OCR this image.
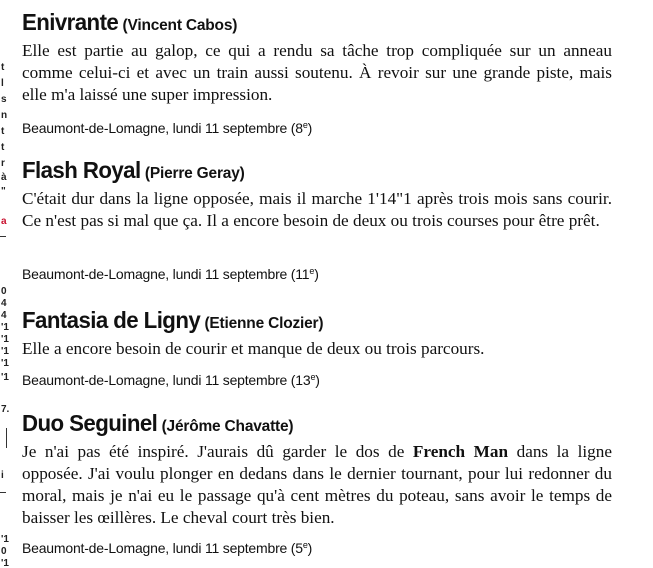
t
l
s
n
t
t
r
à
"
a
0
4
4
'1
'1
'1
'1
'1
7.
i
'1
0
'1
Enivrante (Vincent Cabos)

Elle est partie au galop, ce qui a rendu sa tâche trop compliquée sur un anneau comme celui-ci et avec un train aussi soutenu. À revoir sur une grande piste, mais elle m'a laissé une super impression.

Beaumont-de-Lomagne, lundi 11 septembre (8e)
Flash Royal (Pierre Geray)

C'était dur dans la ligne opposée, mais il marche 1'14"1 après trois mois sans courir. Ce n'est pas si mal que ça. Il a encore besoin de deux ou trois courses pour être prêt.

Beaumont-de-Lomagne, lundi 11 septembre (11e)
Fantasia de Ligny (Etienne Clozier)

Elle a encore besoin de courir et manque de deux ou trois parcours.

Beaumont-de-Lomagne, lundi 11 septembre (13e)
Duo Seguinel (Jérôme Chavatte)

Je n'ai pas été inspiré. J'aurais dû garder le dos de French Man dans la ligne opposée. J'ai voulu plonger en dedans dans le dernier tournant, pour lui redonner du moral, mais je n'ai eu le passage qu'à cent mètres du poteau, sans avoir le temps de baisser les œillères. Le cheval court très bien.

Beaumont-de-Lomagne, lundi 11 septembre (5e)
